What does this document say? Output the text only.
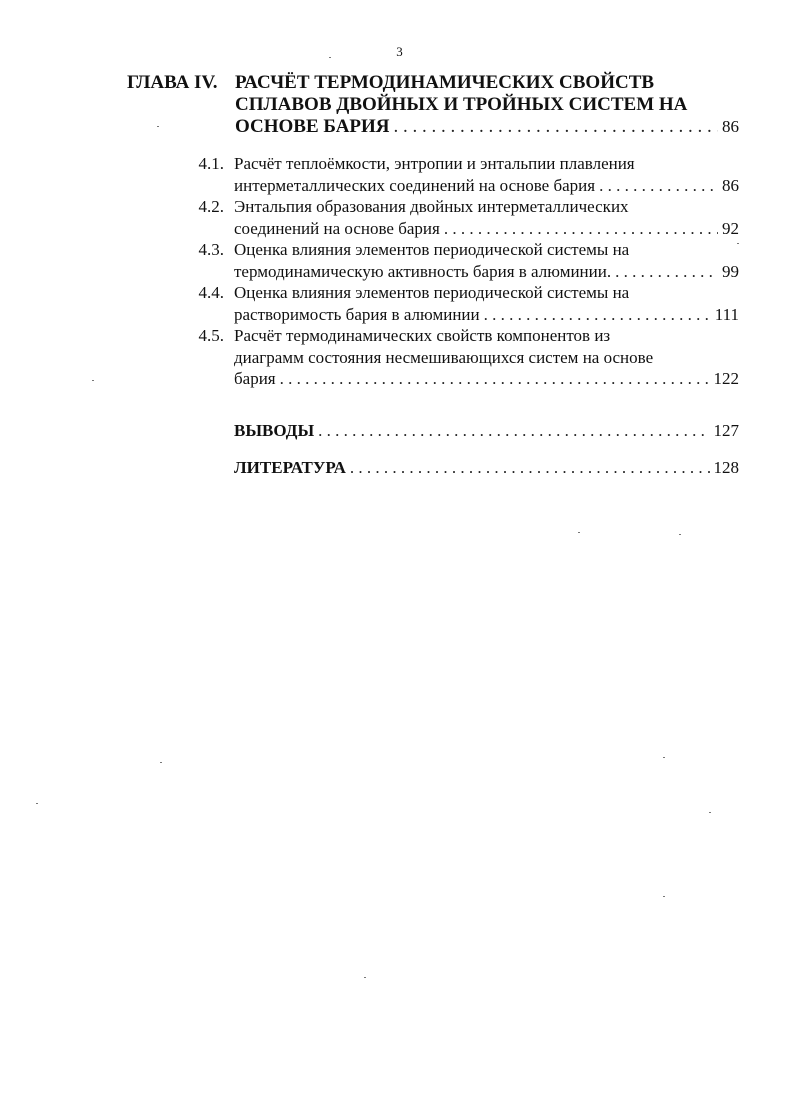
3
ГЛАВА IV. РАСЧЁТ ТЕРМОДИНАМИЧЕСКИХ СВОЙСТВ
СПЛАВОВ ДВОЙНЫХ И ТРОЙНЫХ СИСТЕМ НА
ОСНОВЕ БАРИЯ . . .	86
4.1. Расчёт теплоёмкости, энтропии и энтальпии плавления
интерметаллических соединений на основе бария . . .	86
4.2. Энтальпия образования двойных интерметаллических
соединений на основе бария . . .	92
4.3. Оценка влияния элементов периодической системы на
термодинамическую активность бария в алюминии. . . .	99
4.4. Оценка влияния элементов периодической системы на
растворимость бария в алюминии . . .	111
4.5. Расчёт термодинамических свойств компонентов из
диаграмм состояния несмешивающихся систем на основе
бария . . .	122
ВЫВОДЫ . . .	127
ЛИТЕРАТУРА . . .	128
